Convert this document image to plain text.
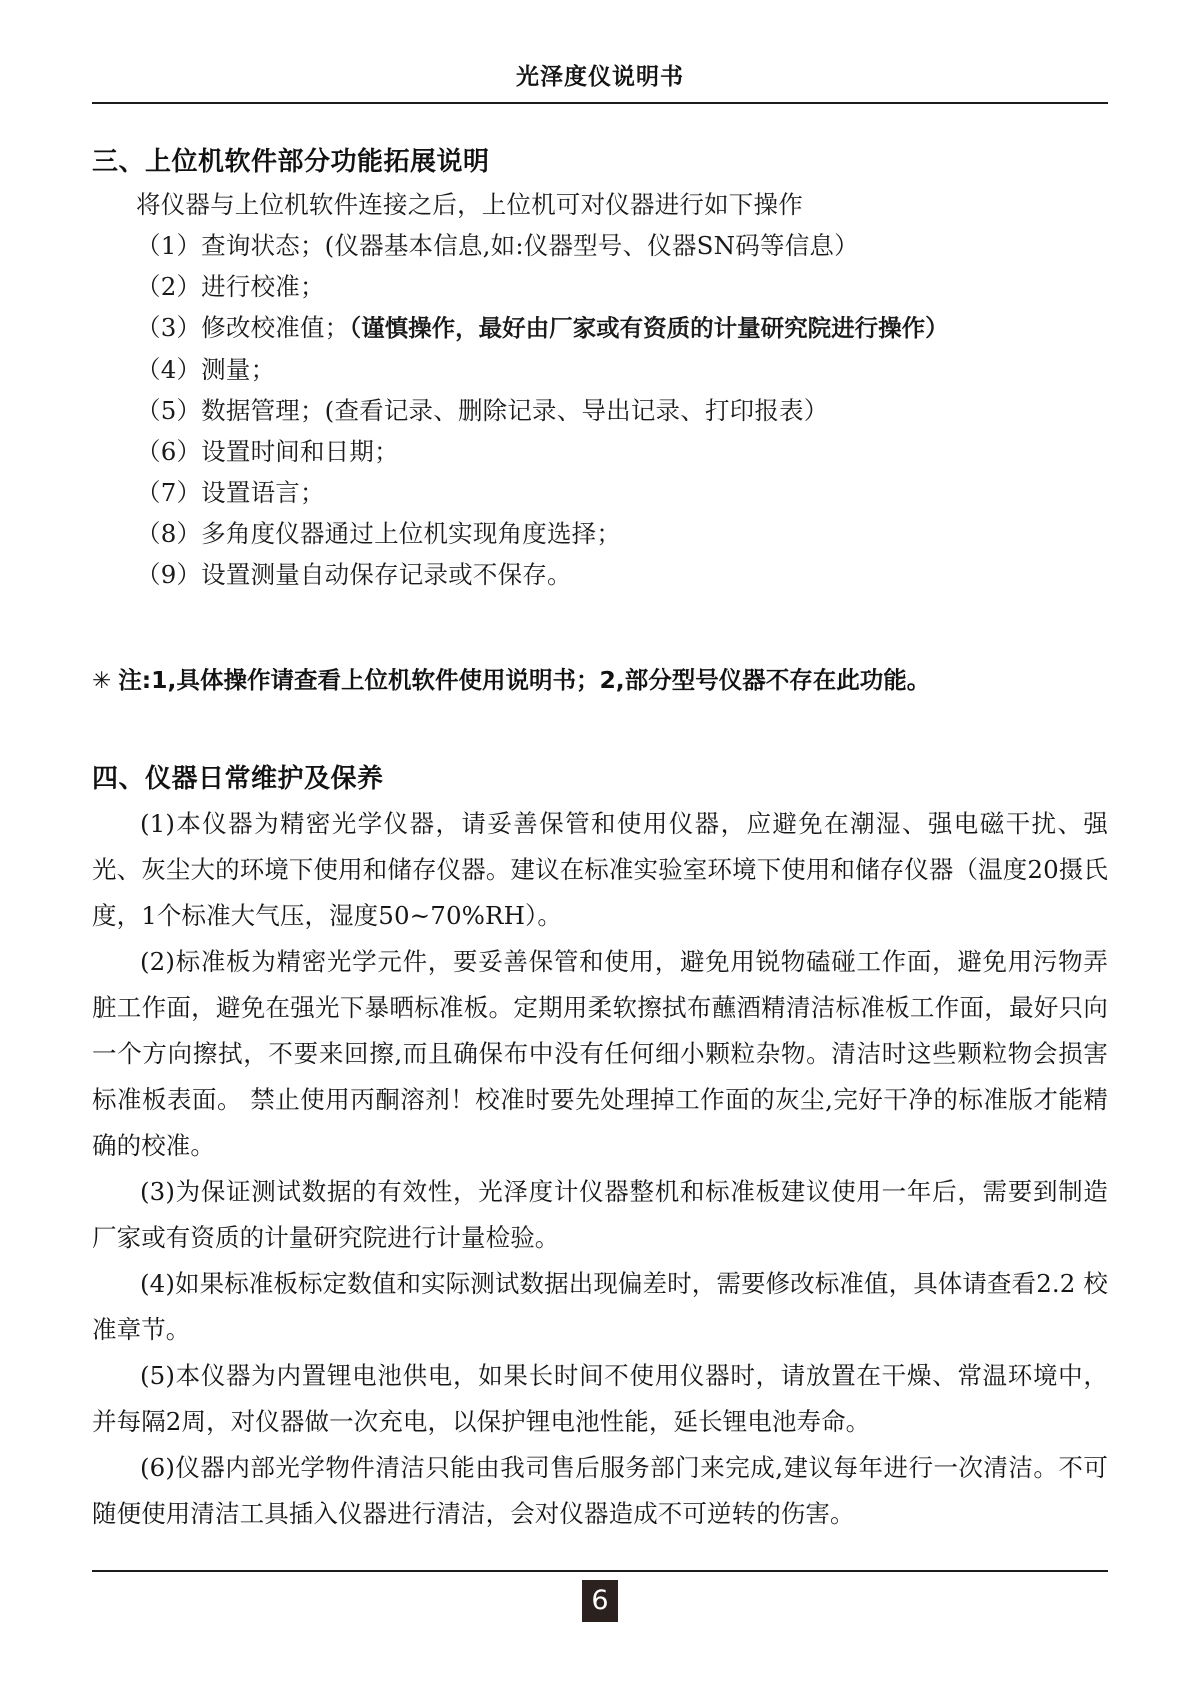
光泽度仪说明书
三、上位机软件部分功能拓展说明

将仪器与上位机软件连接之后，上位机可对仪器进行如下操作

（1）查询状态；(仪器基本信息,如:仪器型号、仪器SN码等信息）

（2）进行校准；

（3）修改校准值；（谨慎操作，最好由厂家或有资质的计量研究院进行操作）

（4）测量；

（5）数据管理；(查看记录、删除记录、导出记录、打印报表）

（6）设置时间和日期；

（7）设置语言；

（8）多角度仪器通过上位机实现角度选择；

（9）设置测量自动保存记录或不保存。

✳ 注:1,具体操作请查看上位机软件使用说明书；2,部分型号仪器不存在此功能。

四、仪器日常维护及保养

(1)本仪器为精密光学仪器，请妥善保管和使用仪器，应避免在潮湿、强电磁干扰、强光、灰尘大的环境下使用和储存仪器。建议在标准实验室环境下使用和储存仪器（温度20摄氏度，1个标准大气压，湿度50~70%RH）。

(2)标准板为精密光学元件，要妥善保管和使用，避免用锐物磕碰工作面，避免用污物弄脏工作面，避免在强光下暴晒标准板。定期用柔软擦拭布蘸酒精清洁标准板工作面，最好只向一个方向擦拭，不要来回擦,而且确保布中没有任何细小颗粒杂物。清洁时这些颗粒物会损害标准板表面。 禁止使用丙酮溶剂！校准时要先处理掉工作面的灰尘,完好干净的标准版才能精确的校准。

(3)为保证测试数据的有效性，光泽度计仪器整机和标准板建议使用一年后，需要到制造厂家或有资质的计量研究院进行计量检验。

(4)如果标准板标定数值和实际测试数据出现偏差时，需要修改标准值，具体请查看2.2 校准章节。

(5)本仪器为内置锂电池供电，如果长时间不使用仪器时，请放置在干燥、常温环境中，并每隔2周，对仪器做一次充电，以保护锂电池性能，延长锂电池寿命。

(6)仪器内部光学物件清洁只能由我司售后服务部门来完成,建议每年进行一次清洁。不可随便使用清洁工具插入仪器进行清洁，会对仪器造成不可逆转的伤害。

6
